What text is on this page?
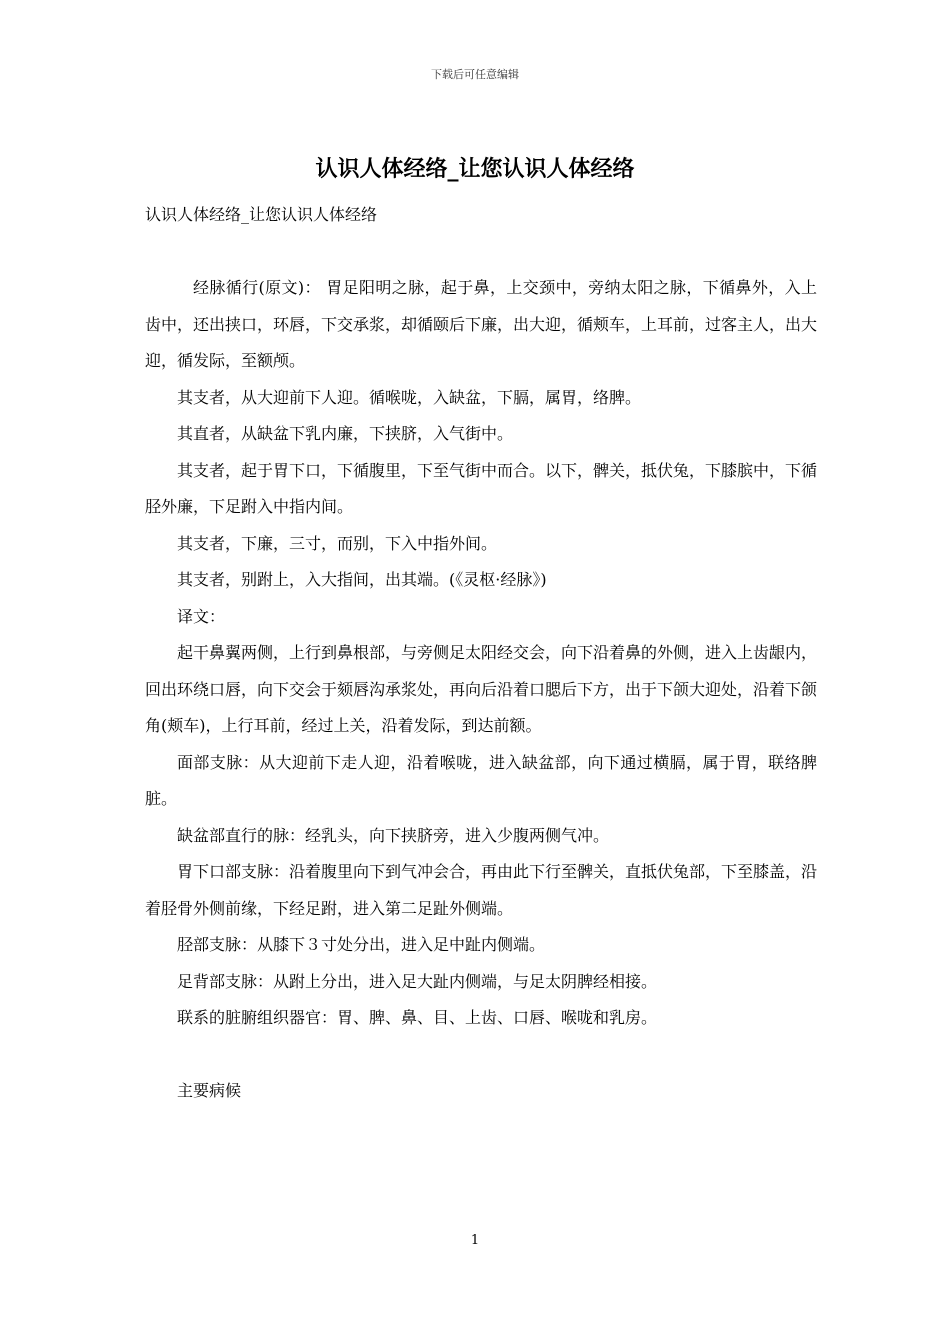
下载后可任意编辑
认识人体经络_让您认识人体经络
认识人体经络_让您认识人体经络

经脉循行(原文)： 胃足阳明之脉，起于鼻，上交颈中，旁纳太阳之脉，下循鼻外，入上齿中，还出挟口，环唇，下交承浆，却循颐后下廉，出大迎，循颊车，上耳前，过客主人，出大迎，循发际，至额颅。

其支者，从大迎前下人迎。循喉咙，入缺盆，下膈，属胃，络脾。

其直者，从缺盆下乳内廉，下挟脐，入气街中。

其支者，起于胃下口，下循腹里，下至气街中而合。以下，髀关，抵伏兔，下膝膑中，下循胫外廉，下足跗入中指内间。

其支者，下廉，三寸，而别，下入中指外间。

其支者，别跗上，入大指间，出其端。(《灵枢·经脉》)

译文：

起干鼻翼两侧，上行到鼻根部，与旁侧足太阳经交会，向下沿着鼻的外侧，进入上齿龈内，回出环绕口唇，向下交会于颏唇沟承浆处，再向后沿着口腮后下方，出于下颌大迎处，沿着下颌角(颊车)，上行耳前，经过上关，沿着发际，到达前额。

面部支脉：从大迎前下走人迎，沿着喉咙，进入缺盆部，向下通过横膈，属于胃，联络脾脏。

缺盆部直行的脉：经乳头，向下挟脐旁，进入少腹两侧气冲。

胃下口部支脉：沿着腹里向下到气冲会合，再由此下行至髀关，直抵伏兔部，下至膝盖，沿着胫骨外侧前缘，下经足跗，进入第二足趾外侧端。

胫部支脉：从膝下３寸处分出，进入足中趾内侧端。

足背部支脉：从跗上分出，进入足大趾内侧端，与足太阴脾经相接。

联系的脏腑组织器官：胃、脾、鼻、目、上齿、口唇、喉咙和乳房。

主要病候

1
